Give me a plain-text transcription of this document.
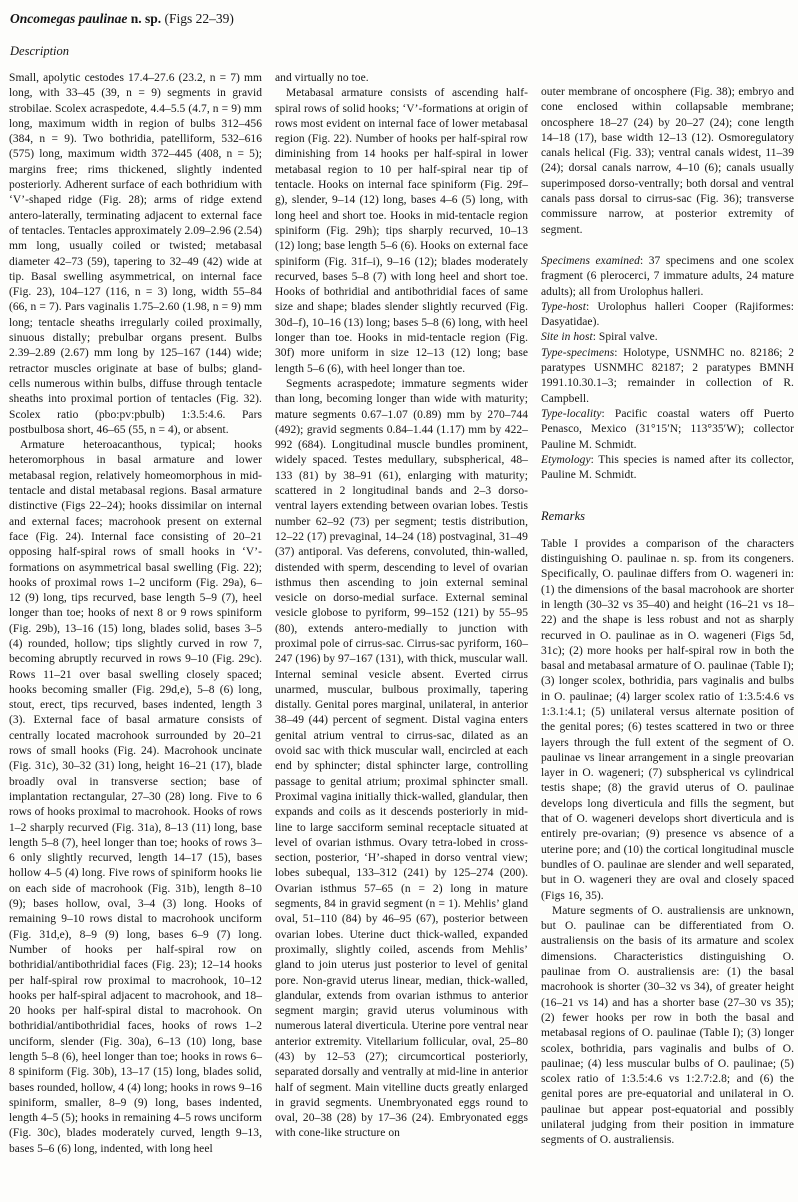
Oncomegas paulinae n. sp. (Figs 22–39)
Description

Small, apolytic cestodes 17.4–27.6 (23.2, n = 7) mm long, with 33–45 (39, n = 9) segments in gravid strobilae. Scolex acraspedote, 4.4–5.5 (4.7, n = 9) mm long, maximum width in region of bulbs 312–456 (384, n = 9). Two bothridia, patelliform, 532–616 (575) long, maximum width 372–445 (408, n = 5); margins free; rims thickened, slightly indented posteriorly. Adherent surface of each bothridium with ‘V’-shaped ridge (Fig. 28); arms of ridge extend antero-laterally, terminating adjacent to external face of tentacles. Tentacles approximately 2.09–2.96 (2.54) mm long, usually coiled or twisted; metabasal diameter 42–73 (59), tapering to 32–49 (42) wide at tip. Basal swelling asymmetrical, on internal face (Fig. 23), 104–127 (116, n = 3) long, width 55–84 (66, n = 7). Pars vaginalis 1.75–2.60 (1.98, n = 9) mm long; tentacle sheaths irregularly coiled proximally, sinuous distally; prebulbar organs present. Bulbs 2.39–2.89 (2.67) mm long by 125–167 (144) wide; retractor muscles originate at base of bulbs; gland-cells numerous within bulbs, diffuse through tentacle sheaths into proximal portion of tentacles (Fig. 32). Scolex ratio (pbo:pv:pbulb) 1:3.5:4.6. Pars postbulbosa short, 46–65 (55, n = 4), or absent.

Armature heteroacanthous, typical; hooks heteromorphous in basal armature and lower metabasal region, relatively homeomorphous in mid-tentacle and distal metabasal regions. Basal armature distinctive (Figs 22–24); hooks dissimilar on internal and external faces; macrohook present on external face (Fig. 24). Internal face consisting of 20–21 opposing half-spiral rows of small hooks in ‘V’-formations on asymmetrical basal swelling (Fig. 22); hooks of proximal rows 1–2 unciform (Fig. 29a), 6–12 (9) long, tips recurved, base length 5–9 (7), heel longer than toe; hooks of next 8 or 9 rows spiniform (Fig. 29b), 13–16 (15) long, blades solid, bases 3–5 (4) rounded, hollow; tips slightly curved in row 7, becoming abruptly recurved in rows 9–10 (Fig. 29c). Rows 11–21 over basal swelling closely spaced; hooks becoming smaller (Fig. 29d,e), 5–8 (6) long, stout, erect, tips recurved, bases indented, length 3 (3). External face of basal armature consists of centrally located macrohook surrounded by 20–21 rows of small hooks (Fig. 24). Macrohook uncinate (Fig. 31c), 30–32 (31) long, height 16–21 (17), blade broadly oval in transverse section; base of implantation rectangular, 27–30 (28) long. Five to 6 rows of hooks proximal to macrohook. Hooks of rows 1–2 sharply recurved (Fig. 31a), 8–13 (11) long, base length 5–8 (7), heel longer than toe; hooks of rows 3–6 only slightly recurved, length 14–17 (15), bases hollow 4–5 (4) long. Five rows of spiniform hooks lie on each side of macrohook (Fig. 31b), length 8–10 (9); bases hollow, oval, 3–4 (3) long. Hooks of remaining 9–10 rows distal to macrohook unciform (Fig. 31d,e), 8–9 (9) long, bases 6–9 (7) long. Number of hooks per half-spiral row on bothridial/antibothridial faces (Fig. 23); 12–14 hooks per half-spiral row proximal to macrohook, 10–12 hooks per half-spiral adjacent to macrohook, and 18–20 hooks per half-spiral distal to macrohook. On bothridial/antibothridial faces, hooks of rows 1–2 unciform, slender (Fig. 30a), 6–13 (10) long, base length 5–8 (6), heel longer than toe; hooks in rows 6–8 spiniform (Fig. 30b), 13–17 (15) long, blades solid, bases rounded, hollow, 4 (4) long; hooks in rows 9–16 spiniform, smaller, 8–9 (9) long, bases indented, length 4–5 (5); hooks in remaining 4–5 rows unciform (Fig. 30c), blades moderately curved, length 9–13, bases 5–6 (6) long, indented, with long heel

and virtually no toe.

Metabasal armature consists of ascending half-spiral rows of solid hooks; ‘V’-formations at origin of rows most evident on internal face of lower metabasal region (Fig. 22). Number of hooks per half-spiral row diminishing from 14 hooks per half-spiral in lower metabasal region to 10 per half-spiral near tip of tentacle. Hooks on internal face spiniform (Fig. 29f–g), slender, 9–14 (12) long, bases 4–6 (5) long, with long heel and short toe. Hooks in mid-tentacle region spiniform (Fig. 29h); tips sharply recurved, 10–13 (12) long; base length 5–6 (6). Hooks on external face spiniform (Fig. 31f–i), 9–16 (12); blades moderately recurved, bases 5–8 (7) with long heel and short toe. Hooks of bothridial and antibothridial faces of same size and shape; blades slender slightly recurved (Fig. 30d–f), 10–16 (13) long; bases 5–8 (6) long, with heel longer than toe. Hooks in mid-tentacle region (Fig. 30f) more uniform in size 12–13 (12) long; base length 5–6 (6), with heel longer than toe.

Segments acraspedote; immature segments wider than long, becoming longer than wide with maturity; mature segments 0.67–1.07 (0.89) mm by 270–744 (492); gravid segments 0.84–1.44 (1.17) mm by 422–992 (684). Longitudinal muscle bundles prominent, widely spaced. Testes medullary, subspherical, 48–133 (81) by 38–91 (61), enlarging with maturity; scattered in 2 longitudinal bands and 2–3 dorso-ventral layers extending between ovarian lobes. Testis number 62–92 (73) per segment; testis distribution, 12–22 (17) prevaginal, 14–24 (18) postvaginal, 31–49 (37) antiporal. Vas deferens, convoluted, thin-walled, distended with sperm, descending to level of ovarian isthmus then ascending to join external seminal vesicle on dorso-medial surface. External seminal vesicle globose to pyriform, 99–152 (121) by 55–95 (80), extends antero-medially to junction with proximal pole of cirrus-sac. Cirrus-sac pyriform, 160–247 (196) by 97–167 (131), with thick, muscular wall. Internal seminal vesicle absent. Everted cirrus unarmed, muscular, bulbous proximally, tapering distally. Genital pores marginal, unilateral, in anterior 38–49 (44) percent of segment. Distal vagina enters genital atrium ventral to cirrus-sac, dilated as an ovoid sac with thick muscular wall, encircled at each end by sphincter; distal sphincter large, controlling passage to genital atrium; proximal sphincter small. Proximal vagina initially thick-walled, glandular, then expands and coils as it descends posteriorly in mid-line to large sacciform seminal receptacle situated at level of ovarian isthmus. Ovary tetra-lobed in cross-section, posterior, ‘H’-shaped in dorso ventral view; lobes subequal, 133–312 (241) by 125–274 (200). Ovarian isthmus 57–65 (n = 2) long in mature segments, 84 in gravid segment (n = 1). Mehlis’ gland oval, 51–110 (84) by 46–95 (67), posterior between ovarian lobes. Uterine duct thick-walled, expanded proximally, slightly coiled, ascends from Mehlis’ gland to join uterus just posterior to level of genital pore. Non-gravid uterus linear, median, thick-walled, glandular, extends from ovarian isthmus to anterior segment margin; gravid uterus voluminous with numerous lateral diverticula. Uterine pore ventral near anterior extremity. Vitellarium follicular, oval, 25–80 (43) by 12–53 (27); circumcortical posteriorly, separated dorsally and ventrally at mid-line in anterior half of segment. Main vitelline ducts greatly enlarged in gravid segments. Unembryonated eggs round to oval, 20–38 (28) by 17–36 (24). Embryonated eggs with cone-like structure on

outer membrane of oncosphere (Fig. 38); embryo and cone enclosed within collapsable membrane; oncosphere 18–27 (24) by 20–27 (24); cone length 14–18 (17), base width 12–13 (12). Osmoregulatory canals helical (Fig. 33); ventral canals widest, 11–39 (24); dorsal canals narrow, 4–10 (6); canals usually superimposed dorso-ventrally; both dorsal and ventral canals pass dorsal to cirrus-sac (Fig. 36); transverse commissure narrow, at posterior extremity of segment.

Specimens examined: 37 specimens and one scolex fragment (6 plerocerci, 7 immature adults, 24 mature adults); all from Urolophus halleri.

Type-host: Urolophus halleri Cooper (Rajiformes: Dasyatidae).

Site in host: Spiral valve.

Type-specimens: Holotype, USNMHC no. 82186; 2 paratypes USNMHC 82187; 2 paratypes BMNH 1991.10.30.1–3; remainder in collection of R. Campbell.

Type-locality: Pacific coastal waters off Puerto Penasco, Mexico (31°15′N; 113°35′W); collector Pauline M. Schmidt.

Etymology: This species is named after its collector, Pauline M. Schmidt.

Remarks

Table I provides a comparison of the characters distinguishing O. paulinae n. sp. from its congeners. Specifically, O. paulinae differs from O. wageneri in: (1) the dimensions of the basal macrohook are shorter in length (30–32 vs 35–40) and height (16–21 vs 18–22) and the shape is less robust and not as sharply recurved in O. paulinae as in O. wageneri (Figs 5d, 31c); (2) more hooks per half-spiral row in both the basal and metabasal armature of O. paulinae (Table I); (3) longer scolex, bothridia, pars vaginalis and bulbs in O. paulinae; (4) larger scolex ratio of 1:3.5:4.6 vs 1:3.1:4.1; (5) unilateral versus alternate position of the genital pores; (6) testes scattered in two or three layers through the full extent of the segment of O. paulinae vs linear arrangement in a single preovarian layer in O. wageneri; (7) subspherical vs cylindrical testis shape; (8) the gravid uterus of O. paulinae develops long diverticula and fills the segment, but that of O. wageneri develops short diverticula and is entirely pre-ovarian; (9) presence vs absence of a uterine pore; and (10) the cortical longitudinal muscle bundles of O. paulinae are slender and well separated, but in O. wageneri they are oval and closely spaced (Figs 16, 35).

Mature segments of O. australiensis are unknown, but O. paulinae can be differentiated from O. australiensis on the basis of its armature and scolex dimensions. Characteristics distinguishing O. paulinae from O. australiensis are: (1) the basal macrohook is shorter (30–32 vs 34), of greater height (16–21 vs 14) and has a shorter base (27–30 vs 35); (2) fewer hooks per row in both the basal and metabasal regions of O. paulinae (Table I); (3) longer scolex, bothridia, pars vaginalis and bulbs of O. paulinae; (4) less muscular bulbs of O. paulinae; (5) scolex ratio of 1:3.5:4.6 vs 1:2.7:2.8; and (6) the genital pores are pre-equatorial and unilateral in O. paulinae but appear post-equatorial and possibly unilateral judging from their position in immature segments of O. australiensis.
